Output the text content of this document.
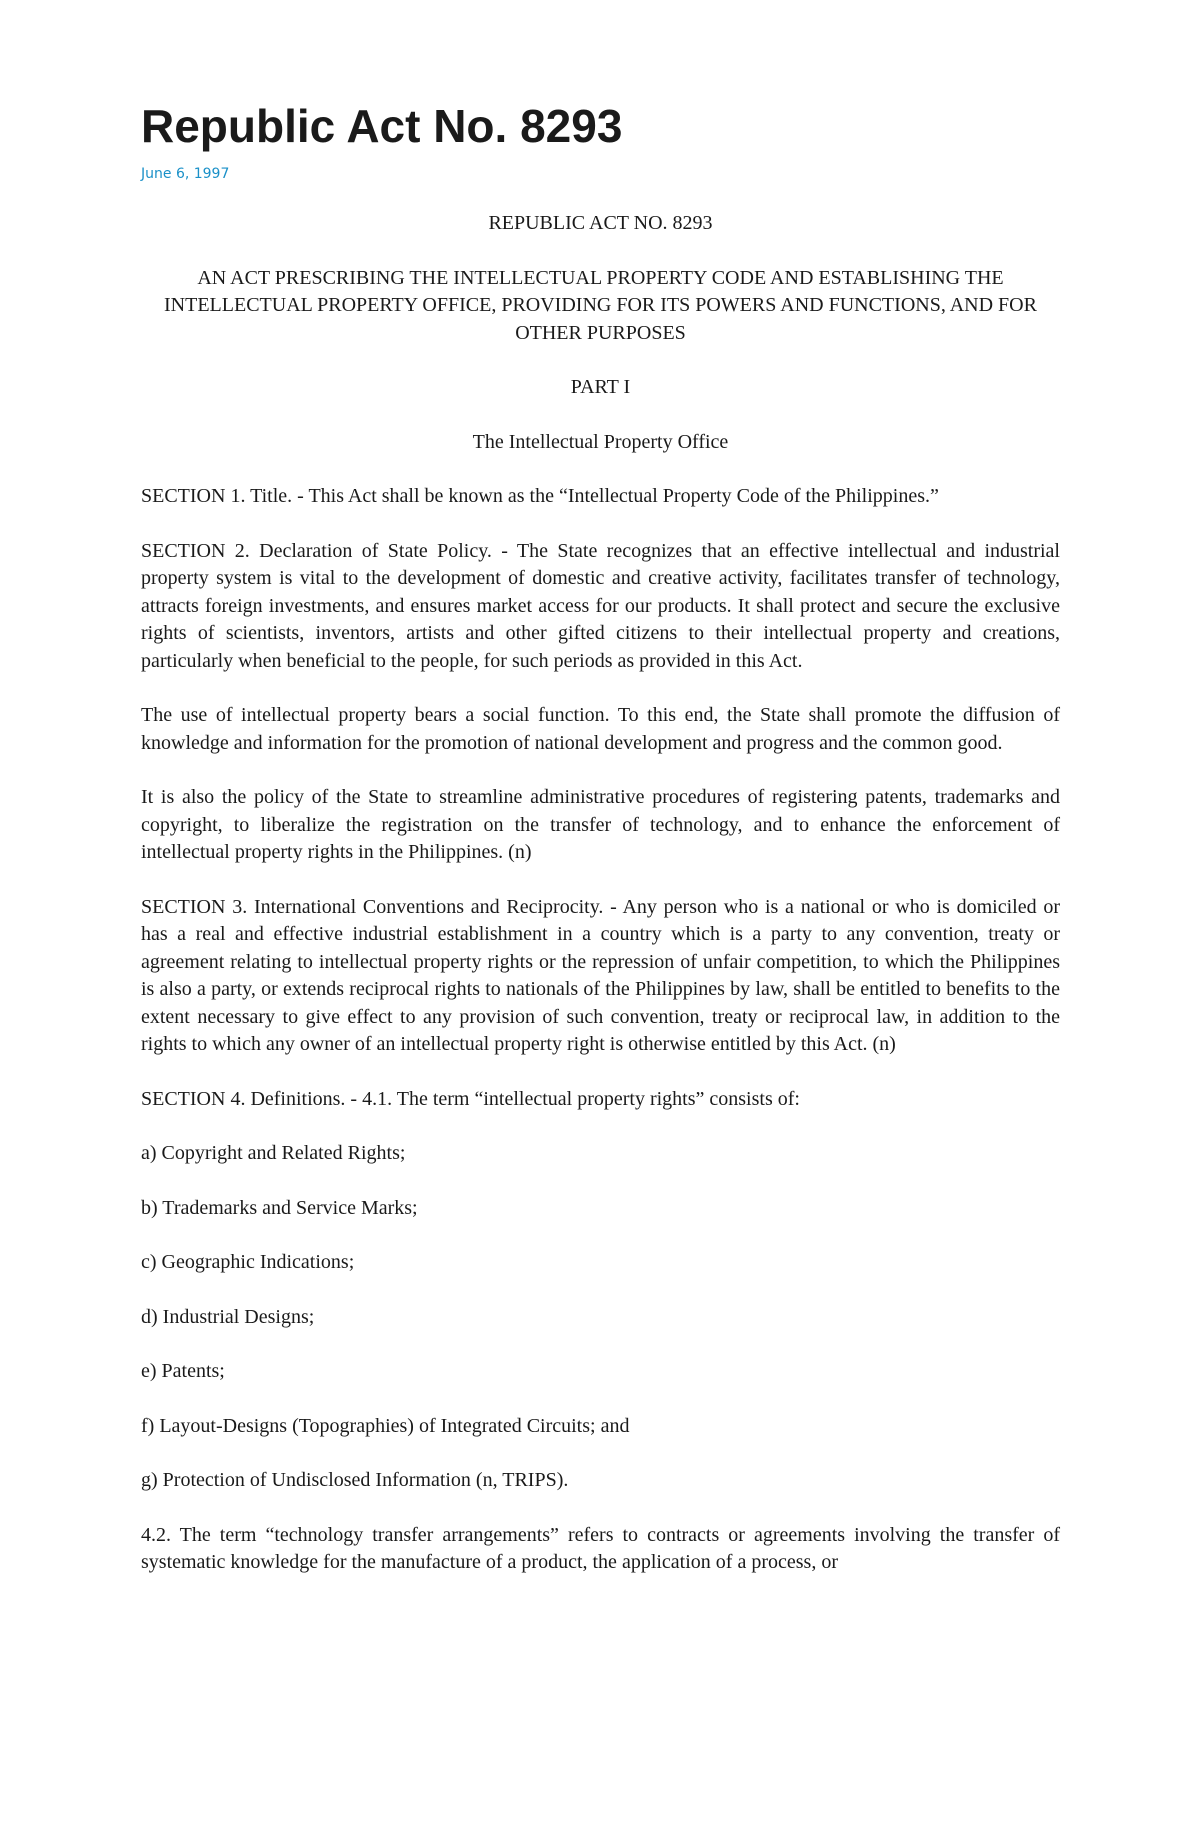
Republic Act No. 8293
June 6, 1997
REPUBLIC ACT NO. 8293
AN ACT PRESCRIBING THE INTELLECTUAL PROPERTY CODE AND ESTABLISHING THE INTELLECTUAL PROPERTY OFFICE, PROVIDING FOR ITS POWERS AND FUNCTIONS, AND FOR OTHER PURPOSES
PART I
The Intellectual Property Office

SECTION 1. Title. - This Act shall be known as the “Intellectual Property Code of the Philippines.”

SECTION 2. Declaration of State Policy. - The State recognizes that an effective intellectual and industrial property system is vital to the development of domestic and creative activity, facilitates transfer of technology, attracts foreign investments, and ensures market access for our products. It shall protect and secure the exclusive rights of scientists, inventors, artists and other gifted citizens to their intellectual property and creations, particularly when beneficial to the people, for such periods as provided in this Act.

The use of intellectual property bears a social function. To this end, the State shall promote the diffusion of knowledge and information for the promotion of national development and progress and the common good.

It is also the policy of the State to streamline administrative procedures of registering patents, trademarks and copyright, to liberalize the registration on the transfer of technology, and to enhance the enforcement of intellectual property rights in the Philippines. (n)

SECTION 3. International Conventions and Reciprocity. - Any person who is a national or who is domiciled or has a real and effective industrial establishment in a country which is a party to any convention, treaty or agreement relating to intellectual property rights or the repression of unfair competition, to which the Philippines is also a party, or extends reciprocal rights to nationals of the Philippines by law, shall be entitled to benefits to the extent necessary to give effect to any provision of such convention, treaty or reciprocal law, in addition to the rights to which any owner of an intellectual property right is otherwise entitled by this Act. (n)

SECTION 4. Definitions. - 4.1. The term “intellectual property rights” consists of:

a) Copyright and Related Rights;
b) Trademarks and Service Marks;
c) Geographic Indications;
d) Industrial Designs;
e) Patents;
f) Layout-Designs (Topographies) of Integrated Circuits; and
g) Protection of Undisclosed Information (n, TRIPS).

4.2. The term “technology transfer arrangements” refers to contracts or agreements involving the transfer of systematic knowledge for the manufacture of a product, the application of a process, or
